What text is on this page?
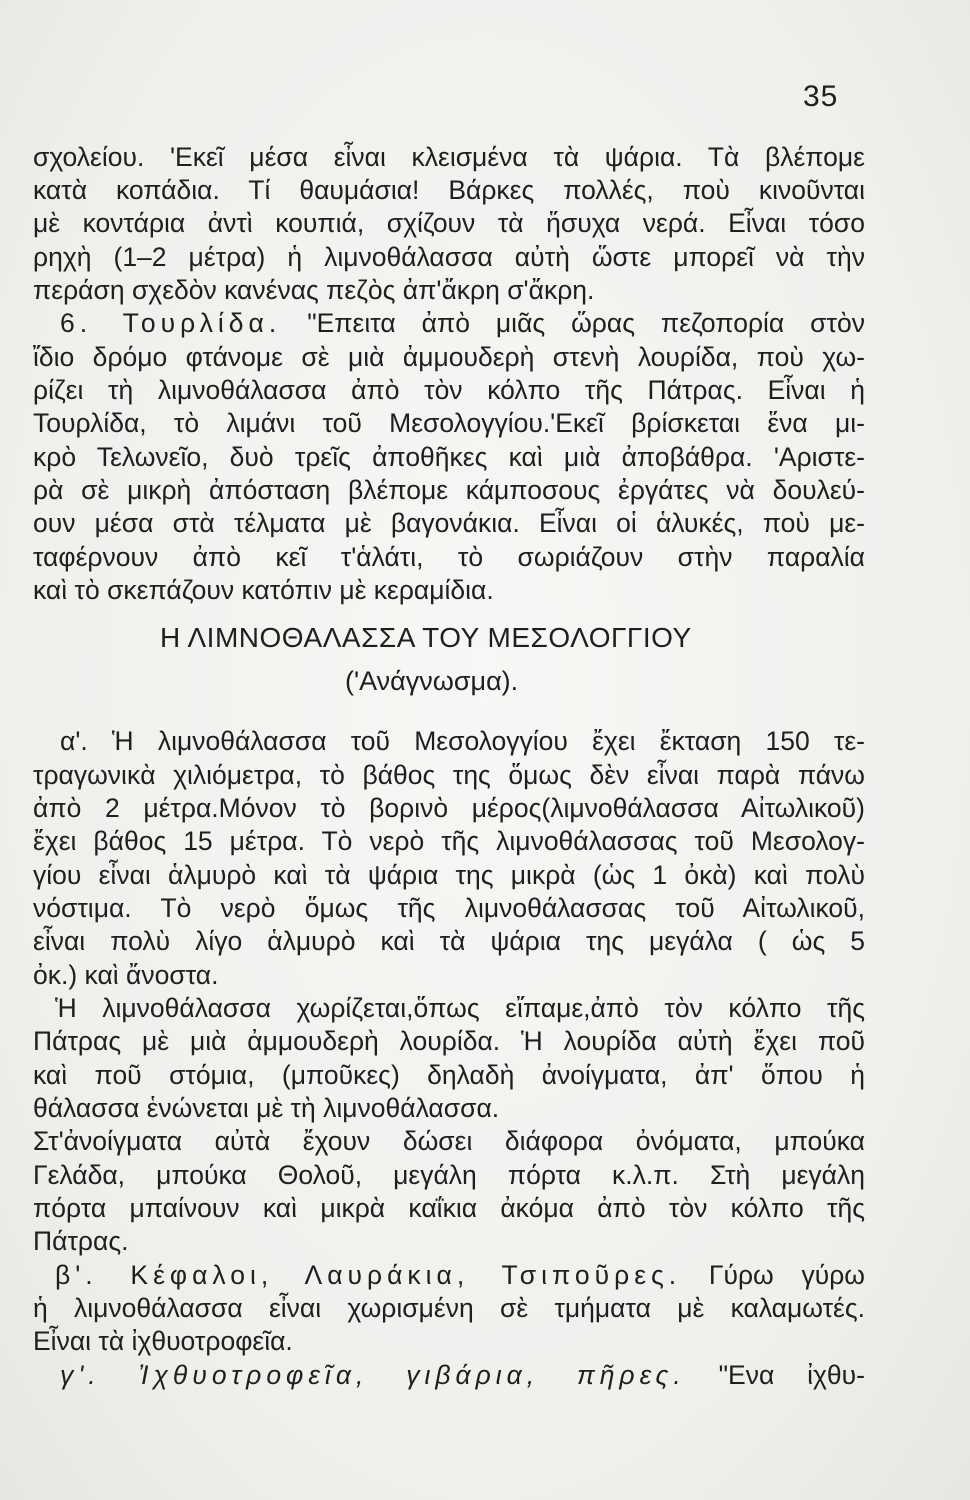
35
σχολείου. 'Εκεῖ μέσα εἶναι κλεισμένα τὰ ψάρια. Τὰ βλέπομε
κατὰ κοπάδια. Τί θαυμάσια! Βάρκες πολλές, ποὺ κινοῦνται
μὲ κοντάρια ἀντὶ κουπιά, σχίζουν τὰ ἥσυχα νερά. Εἶναι τόσο
ρηχὴ (1–2 μέτρα) ἡ λιμνοθάλασσα αὐτὴ ὥστε μπορεῖ νὰ τὴν
περάση σχεδὸν κανένας πεζὸς ἀπ'ἄκρη σ'ἄκρη.
6. Τουρλίδα. "Επειτα ἀπὸ μιᾶς ὥρας πεζοπορία στὸν
ἴδιο δρόμο φτάνομε σὲ μιὰ ἀμμουδερὴ στενὴ λουρίδα, ποὺ χω-
ρίζει τὴ λιμνοθάλασσα ἀπὸ τὸν κόλπο τῆς Πάτρας. Εἶναι ἡ
Τουρλίδα, τὸ λιμάνι τοῦ Μεσολογγίου.'Εκεῖ βρίσκεται ἕνα μι-
κρὸ Τελωνεῖο, δυὸ τρεῖς ἀποθῆκες καὶ μιὰ ἀποβάθρα. 'Αριστε-
ρὰ σὲ μικρὴ ἀπόσταση βλέπομε κάμποσους ἐργάτες νὰ δουλεύ-
ουν μέσα στὰ τέλματα μὲ βαγονάκια. Εἶναι οἱ ἁλυκές, ποὺ με-
ταφέρνουν ἀπὸ κεῖ τ'ἁλάτι, τὸ σωριάζουν στὴν παραλία
καὶ τὸ σκεπάζουν κατόπιν μὲ κεραμίδια.
Η ΛΙΜΝΟΘΑΛΑΣΣΑ ΤΟΥ ΜΕΣΟΛΟΓΓΙΟΥ
('Ανάγνωσμα).
α'. Ἡ λιμνοθάλασσα τοῦ Μεσολογγίου ἔχει ἔκταση 150 τε-
τραγωνικὰ χιλιόμετρα, τὸ βάθος της ὅμως δὲν εἶναι παρὰ πάνω
ἀπὸ 2 μέτρα.Μόνον τὸ βορινὸ μέρος(λιμνοθάλασσα Αἰτωλικοῦ)
ἔχει βάθος 15 μέτρα. Τὸ νερὸ τῆς λιμνοθάλασσας τοῦ Μεσολογ-
γίου εἶναι ἁλμυρὸ καὶ τὰ ψάρια της μικρὰ (ὡς 1 ὀκὰ) καὶ πολὺ
νόστιμα. Τὸ νερὸ ὅμως τῆς λιμνοθάλασσας τοῦ Αἰτωλικοῦ,
εἶναι πολὺ λίγο ἁλμυρὸ καὶ τὰ ψάρια της μεγάλα ( ὡς 5
ὀκ.) καὶ ἄνοστα.
Ἡ λιμνοθάλασσα χωρίζεται,ὅπως εἴπαμε,ἀπὸ τὸν κόλπο τῆς
Πάτρας μὲ μιὰ ἀμμουδερὴ λουρίδα. Ἡ λουρίδα αὐτὴ ἔχει ποῦ
καὶ ποῦ στόμια, (μποῦκες) δηλαδὴ ἀνοίγματα, ἀπ' ὅπου ἡ
θάλασσα ἑνώνεται μὲ τὴ λιμνοθάλασσα.
Στ'ἀνοίγματα αὐτὰ ἔχουν δώσει διάφορα ὀνόματα, μπούκα
Γελάδα, μπούκα Θολοῦ, μεγάλη πόρτα κ.λ.π. Στὴ μεγάλη
πόρτα μπαίνουν καὶ μικρὰ καΐκια ἀκόμα ἀπὸ τὸν κόλπο τῆς
Πάτρας.
β'. Κέφαλοι, Λαυράκια, Τσιποῦρες. Γύρω γύρω
ἡ λιμνοθάλασσα εἶναι χωρισμένη σὲ τμήματα μὲ καλαμωτές.
Εἶναι τὰ ἰχθυοτροφεῖα.
γ'. Ἰχθυοτροφεῖα, γιβάρια, πῆρες. "Ενα ἰχθυ-
